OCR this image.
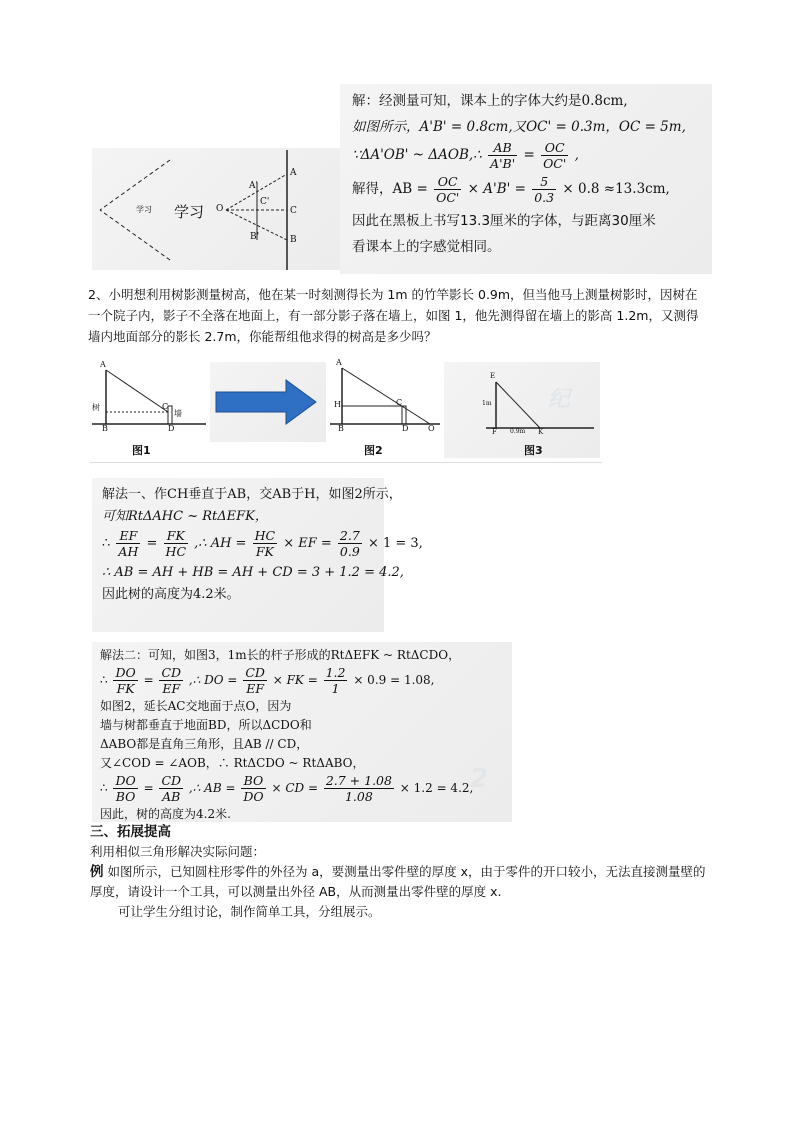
学习 学习 O
A'
C'
B'
A
C
B
解：经测量可知，课本上的字体大约是0.8cm,
如图所示，A'B' = 0.8cm,又OC' = 0.3m，OC = 5m,
∵ΔA'OB' ~ ΔAOB,∴ $\frac{AB}{A'B'} = \frac{OC}{OC'}$ ,
解得，AB = $\frac{OC}{OC'} \times A'B' = \frac{5}{0.3} \times 0.8 \approx 13.3cm$,
因此在黑板上书写13.3厘米的字体，与距离30厘米
看课本上的字感觉相同。
2、小明想利用树影测量树高，他在某一时刻测得长为 1m 的竹竿影长 0.9m，但当他马上测量树影时，因树在一个院子内，影子不全落在地面上，有一部分影子落在墙上，如图 1，他先测得留在墙上的影高 1.2m，又测得墙内地面部分的影长 2.7m，你能帮组他求得的树高是多少吗？
A
B
C
D
树
墙
图1
A
H
B
C
D O
图2
纪
E
F	K
1m
0.9m
图3
解法一、作CH垂直于AB，交AB于H，如图2所示，
可知RtΔAHC ~ RtΔEFK，
∴ $\frac{EF}{AH} = \frac{FK}{HC}$ ,∴ AH = $\frac{HC}{FK}$ × EF = $\frac{2.7}{0.9} \times 1 = 3$,
∴ AB = AH + HB = AH + CD = 3 + 1.2 = 4.2,
因此树的高度为4.2米。
2
解法二：可知，如图3，1m长的杆子形成的RtΔEFK ~ RtΔCDO，
∴ $\frac{DO}{FK} = \frac{CD}{EF}$ ,∴ DO = $\frac{CD}{EF}$ × FK = $\frac{1.2}{1} \times 0.9 = 1.08$,
如图2，延长AC交地面于点O，因为
墙与树都垂直于地面BD，所以ΔCDO和
ΔABO都是直角三角形，且AB // CD，
又∠COD = ∠AOB，∴ RtΔCDO ~ RtΔABO，
∴ $\frac{DO}{BO} = \frac{CD}{AB}$ ,∴ AB = $\frac{BO}{DO}$ × CD = $\frac{2.7 + 1.08}{1.08} \times 1.2 = 4.2$,
因此，树的高度为4.2米.
三、拓展提高
利用相似三角形解决实际问题：
例 如图所示，已知圆柱形零件的外径为 a，要测量出零件壁的厚度 x，由于零件的开口较小，无法直接测量壁的厚度，请设计一个工具，可以测量出外径 AB，从而测量出零件壁的厚度 x.
可让学生分组讨论，制作简单工具，分组展示。
